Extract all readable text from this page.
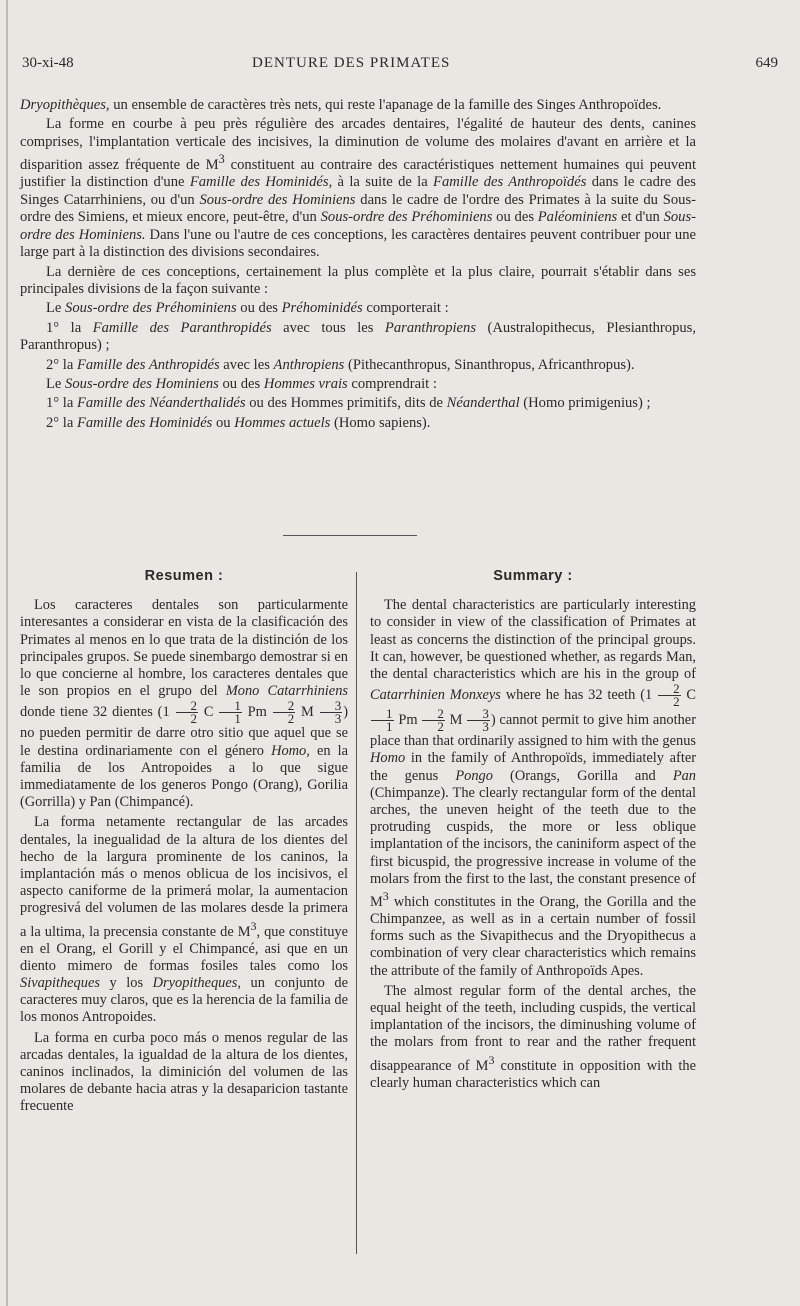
30-xi-48	DENTURE DES PRIMATES	649

Dryopithèques, un ensemble de caractères très nets, qui reste l'apanage de la famille des Singes Anthropoïdes.

La forme en courbe à peu près régulière des arcades dentaires, l'égalité de hauteur des dents, canines comprises, l'implantation verticale des incisives, la diminution de volume des molaires d'avant en arrière et la disparition assez fréquente de $M^3$ constituent au contraire des caractéristiques nettement humaines qui peuvent justifier la distinction d'une Famille des Hominidés, à la suite de la Famille des Anthropoïdés dans le cadre des Singes Catarrhiniens, ou d'un Sous-ordre des Hominiens dans le cadre de l'ordre des Primates à la suite du Sous-ordre des Simiens, et mieux encore, peut-être, d'un Sous-ordre des Préhominiens ou des Paléominiens et d'un Sous-ordre des Hominiens. Dans l'une ou l'autre de ces conceptions, les caractères dentaires peuvent contribuer pour une large part à la distinction des divisions secondaires.

La dernière de ces conceptions, certainement la plus complète et la plus claire, pourrait s'établir dans ses principales divisions de la façon suivante :

Le Sous-ordre des Préhominiens ou des Préhominidés comporterait :

1° la Famille des Paranthropidés avec tous les Paranthropiens (Australopithecus, Plesianthropus, Paranthropus) ;

2° la Famille des Anthropidés avec les Anthropiens (Pithecanthropus, Sinanthropus, Africanthropus).

Le Sous-ordre des Hominiens ou des Hommes vrais comprendrait :

1° la Famille des Néanderthalidés ou des Hommes primitifs, dits de Néanderthal (Homo primigenius) ;

2° la Famille des Hominidés ou Hommes actuels (Homo sapiens).

Resumen :

Los caracteres dentales son particularmente interesantes a considerar en vista de la clasificación des Primates al menos en lo que trata de la distinción de los principales grupos. Se puede sinembargo demostrar si en lo que concierne al hombre, los caracteres dentales que le son propios en el grupo del Mono Catarrhiniens donde tiene 32 dientes ($1 \frac{2}{2}$ C $\frac{1}{1}$ Pm $\frac{2}{2}$ M $\frac{3}{3}$ ) no pueden permitir de darre otro sitio que aquel que se le destina ordinariamente con el género Homo, en la familia de los Antropoides a lo que sigue immediatamente de los generos Pongo (Orang), Gorilia (Gorrilla) y Pan (Chimpancé).

La forma netamente rectangular de las arcades dentales, la inegualidad de la altura de los dientes del hecho de la largura prominente de los caninos, la implantación más o menos oblicua de los incisivos, el aspecto caniforme de la primerá molar, la aumentacion progresivá del volumen de las molares desde la primera a la ultima, la precensia constante de $M^3$, que constituye en el Orang, el Gorill y el Chimpancé, asi que en un diento mimero de formas fosiles tales como los Sivapitheques y los Dryopitheques, un conjunto de caracteres muy claros, que es la herencia de la familia de los monos Antropoides.

La forma en curba poco más o menos regular de las arcadas dentales, la igualdad de la altura de los dientes, caninos inclinados, la diminición del volumen de las molares de debante hacia atras y la desaparicion tastante frecuente

Summary :

The dental characteristics are particularly interesting to consider in view of the classification of Primates at least as concerns the distinction of the principal groups. It can, however, be questioned whether, as regards Man, the dental characteristics which are his in the group of Catarrhinien Monxeys where he has 32 teeth ($1 \frac{2}{2}$ C
$\frac{1}{1}$ Pm $\frac{2}{2}$ M $\frac{3}{3}$ ) cannot permit to give him another place than that ordinarily assigned to him with the genus Homo in the family of Anthropoïds, immediately after the genus Pongo (Orangs, Gorilla and Pan (Chimpanze). The clearly rectangular form of the dental arches, the uneven height of the teeth due to the protruding cuspids, the more or less oblique implantation of the incisors, the caniniform aspect of the first bicuspid, the progressive increase in volume of the molars from the first to the last, the constant presence of $M^3$ which constitutes in the Orang, the Gorilla and the Chimpanzee, as well as in a certain number of fossil forms such as the Sivapithecus and the Dryopithecus a combination of very clear characteristics which remains the attribute of the family of Anthropoïds Apes.

The almost regular form of the dental arches, the equal height of the teeth, including cuspids, the vertical implantation of the incisors, the diminushing volume of the molars from front to rear and the rather frequent disappearance of $M^3$ constitute in opposition with the clearly human characteristics which can
